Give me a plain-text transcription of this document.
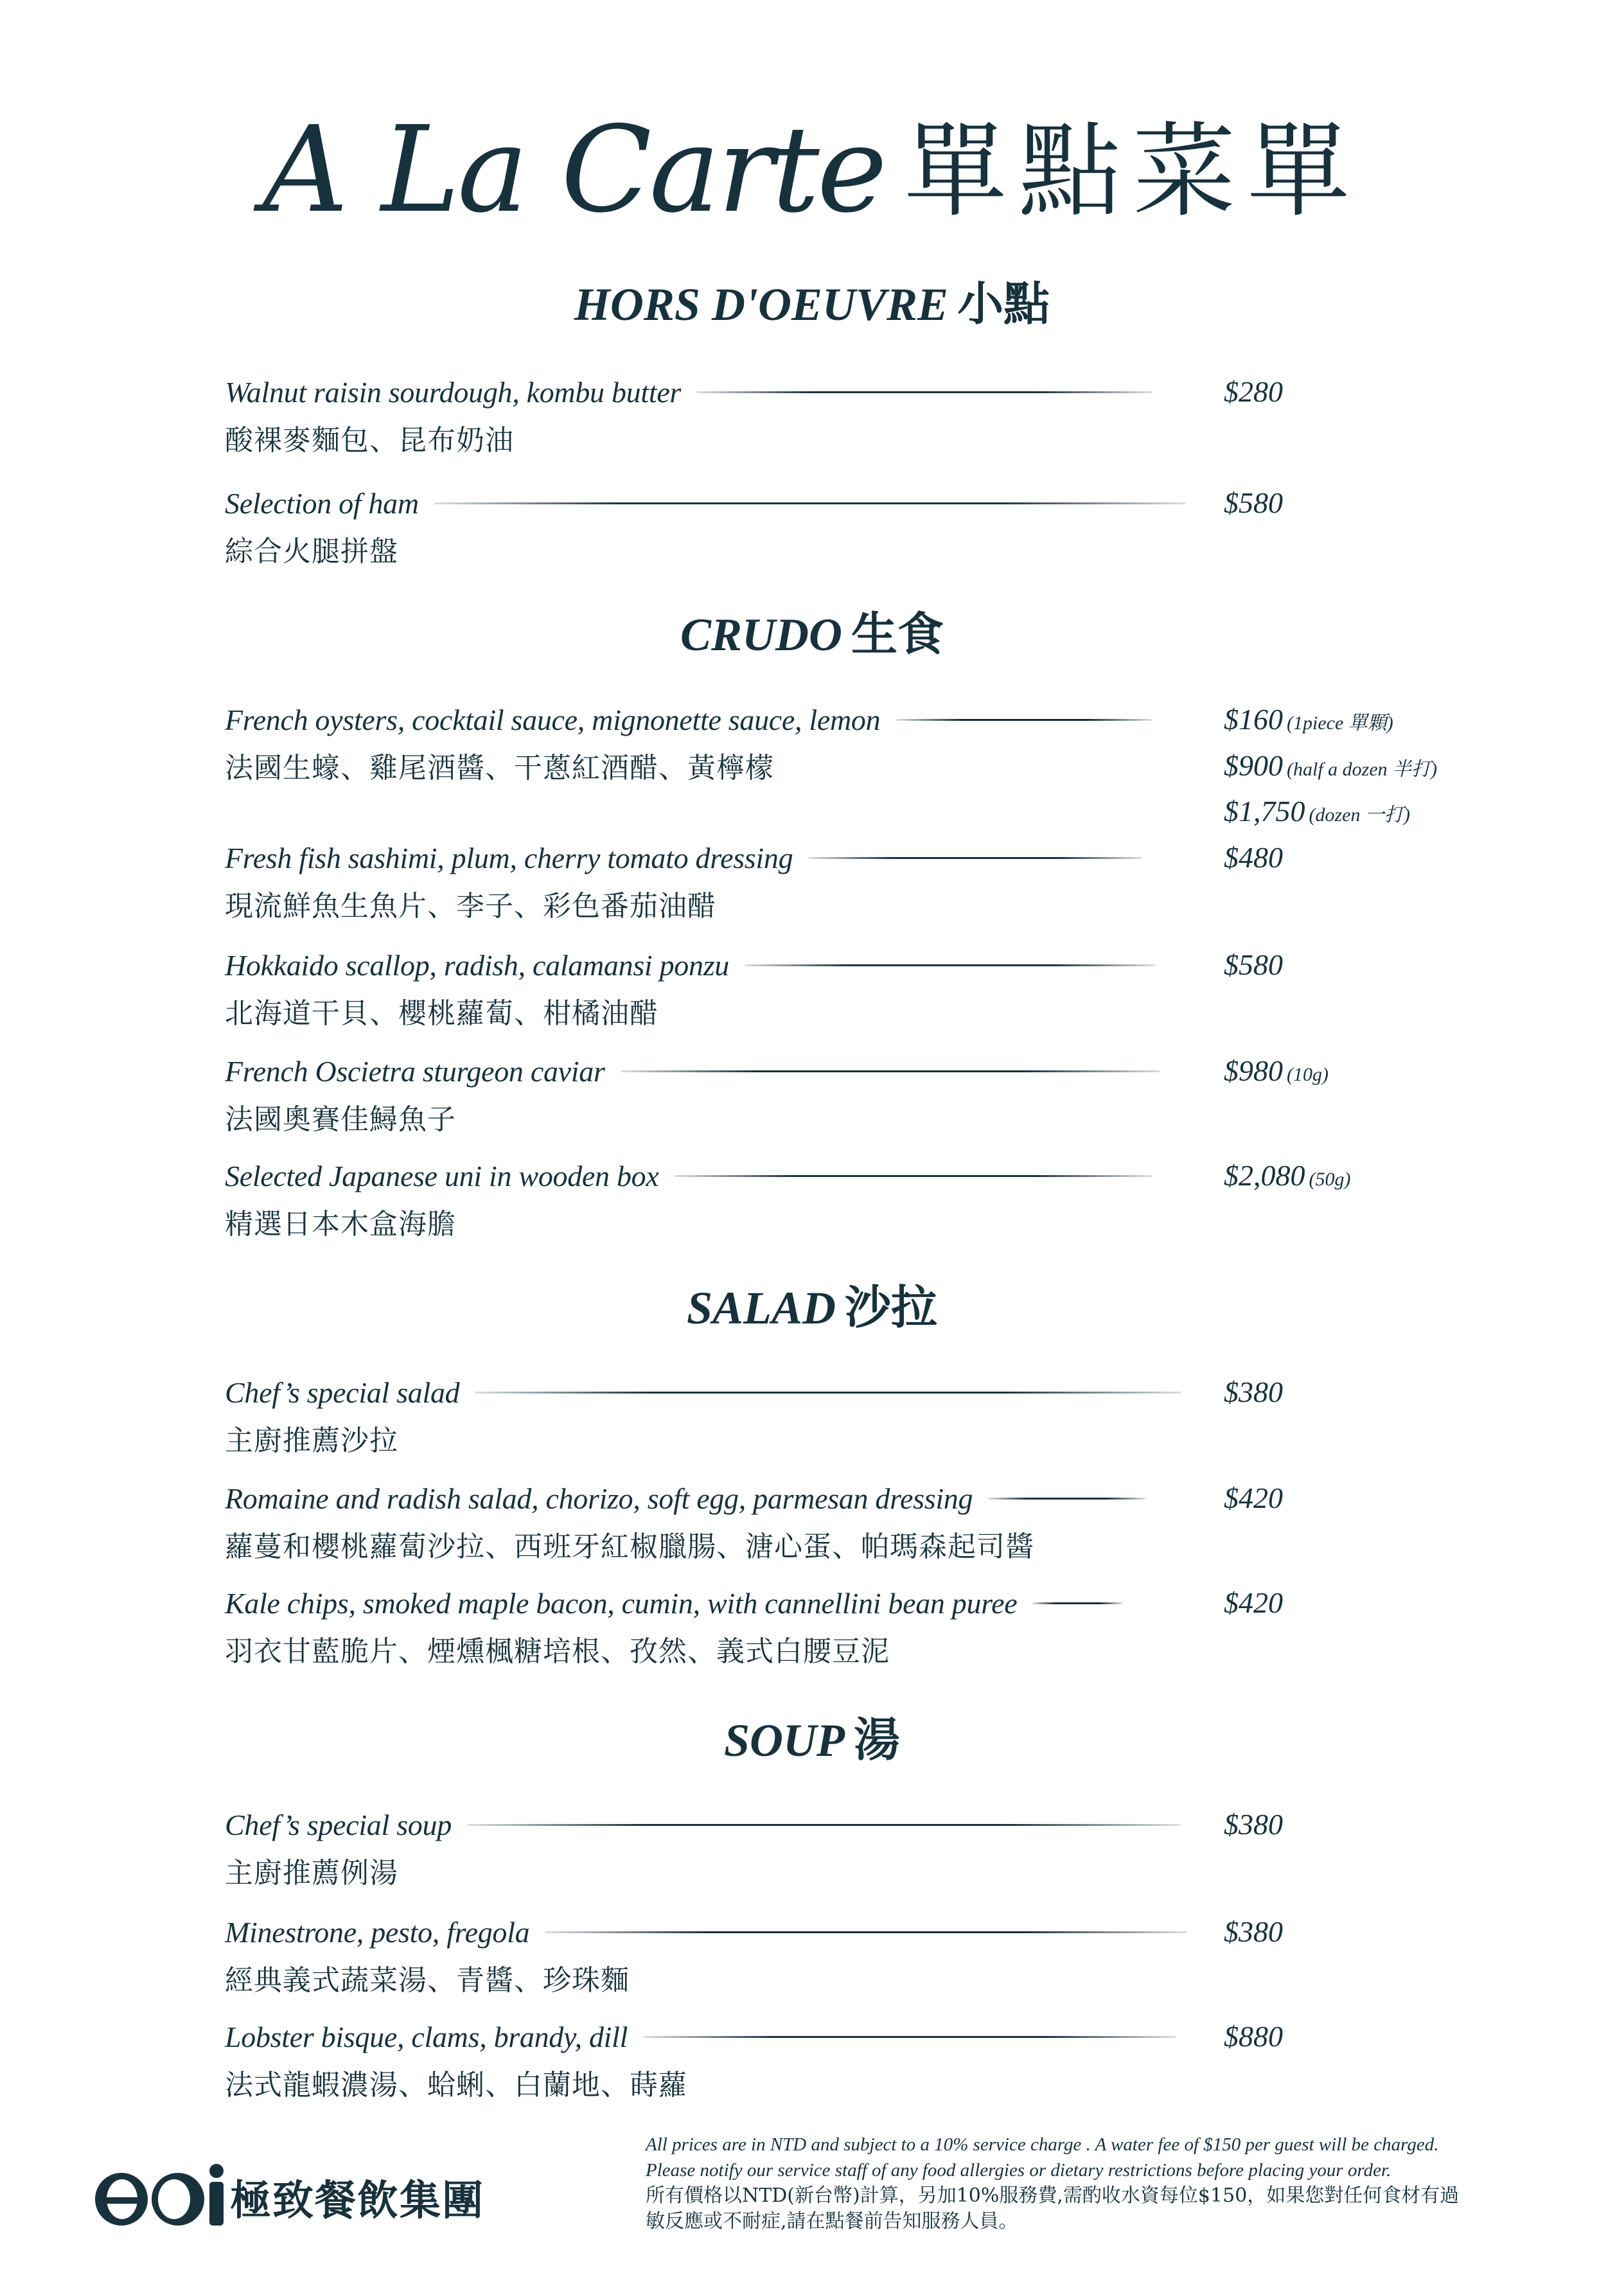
A La Carte 單點菜單
HORS D'OEUVRE 小點
Walnut raisin sourdough, kombu butter
酸裸麥麵包、昆布奶油
$280
Selection of ham
綜合火腿拼盤
$580
CRUDO 生食
French oysters, cocktail sauce, mignonette sauce, lemon
法國生蠔、雞尾酒醬、干蔥紅酒醋、黃檸檬
$160 (1piece 單顆)
$900 (half a dozen 半打)
$1,750 (dozen 一打)
Fresh fish sashimi, plum, cherry tomato dressing
現流鮮魚生魚片、李子、彩色番茄油醋
$480
Hokkaido scallop, radish, calamansi ponzu
北海道干貝、櫻桃蘿蔔、柑橘油醋
$580
French Oscietra sturgeon caviar
法國奧賽佳鱘魚子
$980 (10g)
Selected Japanese uni in wooden box
精選日本木盒海膽
$2,080 (50g)
SALAD 沙拉
Chef’s special salad
主廚推薦沙拉
$380
Romaine and radish salad, chorizo, soft egg, parmesan dressing
蘿蔓和櫻桃蘿蔔沙拉、西班牙紅椒臘腸、溏心蛋、帕瑪森起司醬
$420
Kale chips, smoked maple bacon, cumin, with cannellini bean puree
羽衣甘藍脆片、煙燻楓糖培根、孜然、義式白腰豆泥
$420
SOUP 湯
Chef’s special soup
主廚推薦例湯
$380
Minestrone, pesto, fregola
經典義式蔬菜湯、青醬、珍珠麵
$380
Lobster bisque, clams, brandy, dill
法式龍蝦濃湯、蛤蜊、白蘭地、蒔蘿
$880
極致餐飲集團
All prices are in NTD and subject to a 10% service charge . A water fee of $150 per guest will be charged.
Please notify our service staff of any food allergies or dietary restrictions before placing your order.
所有價格以NTD(新台幣)計算，另加10%服務費,需酌收水資每位$150，如果您對任何食材有過
敏反應或不耐症,請在點餐前告知服務人員。
